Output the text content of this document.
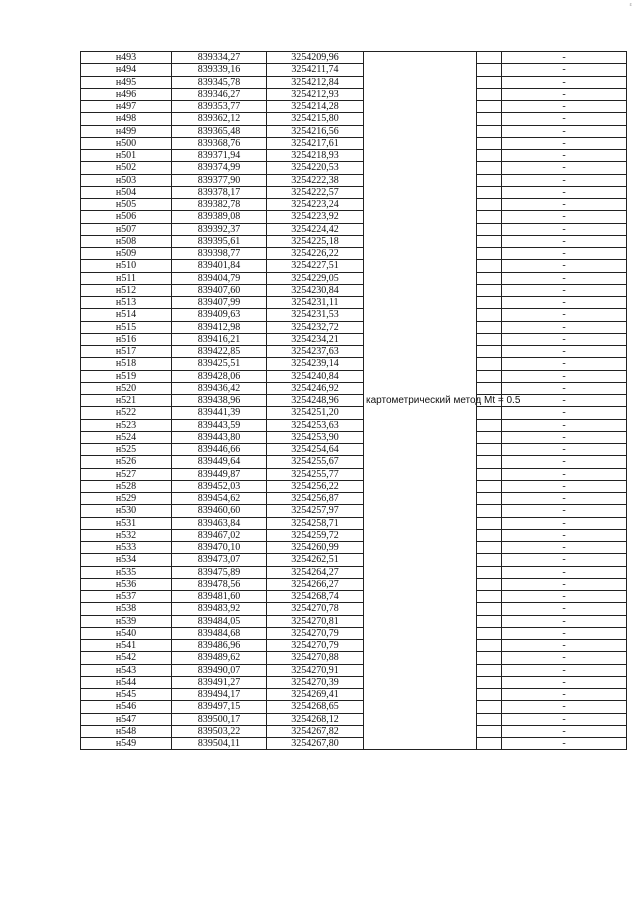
ε
н493	839334,27	3254209,96	картометрический метод Mt = 0.5		-
н494	839339,16	3254211,74			-
н495	839345,78	3254212,84			-
н496	839346,27	3254212,93			-
н497	839353,77	3254214,28			-
н498	839362,12	3254215,80			-
н499	839365,48	3254216,56			-
н500	839368,76	3254217,61			-
н501	839371,94	3254218,93			-
н502	839374,99	3254220,53			-
н503	839377,90	3254222,38			-
н504	839378,17	3254222,57			-
н505	839382,78	3254223,24			-
н506	839389,08	3254223,92			-
н507	839392,37	3254224,42			-
н508	839395,61	3254225,18			-
н509	839398,77	3254226,22			-
н510	839401,84	3254227,51			-
н511	839404,79	3254229,05			-
н512	839407,60	3254230,84			-
н513	839407,99	3254231,11			-
н514	839409,63	3254231,53			-
н515	839412,98	3254232,72			-
н516	839416,21	3254234,21			-
н517	839422,85	3254237,63			-
н518	839425,51	3254239,14			-
н519	839428,06	3254240,84			-
н520	839436,42	3254246,92			-
н521	839438,96	3254248,96			-
н522	839441,39	3254251,20			-
н523	839443,59	3254253,63			-
н524	839443,80	3254253,90			-
н525	839446,66	3254254,64			-
н526	839449,64	3254255,67			-
н527	839449,87	3254255,77			-
н528	839452,03	3254256,22			-
н529	839454,62	3254256,87			-
н530	839460,60	3254257,97			-
н531	839463,84	3254258,71			-
н532	839467,02	3254259,72			-
н533	839470,10	3254260,99			-
н534	839473,07	3254262,51			-
н535	839475,89	3254264,27			-
н536	839478,56	3254266,27			-
н537	839481,60	3254268,74			-
н538	839483,92	3254270,78			-
н539	839484,05	3254270,81			-
н540	839484,68	3254270,79			-
н541	839486,96	3254270,79			-
н542	839489,62	3254270,88			-
н543	839490,07	3254270,91			-
н544	839491,27	3254270,39			-
н545	839494,17	3254269,41			-
н546	839497,15	3254268,65			-
н547	839500,17	3254268,12			-
н548	839503,22	3254267,82			-
н549	839504,11	3254267,80			-
